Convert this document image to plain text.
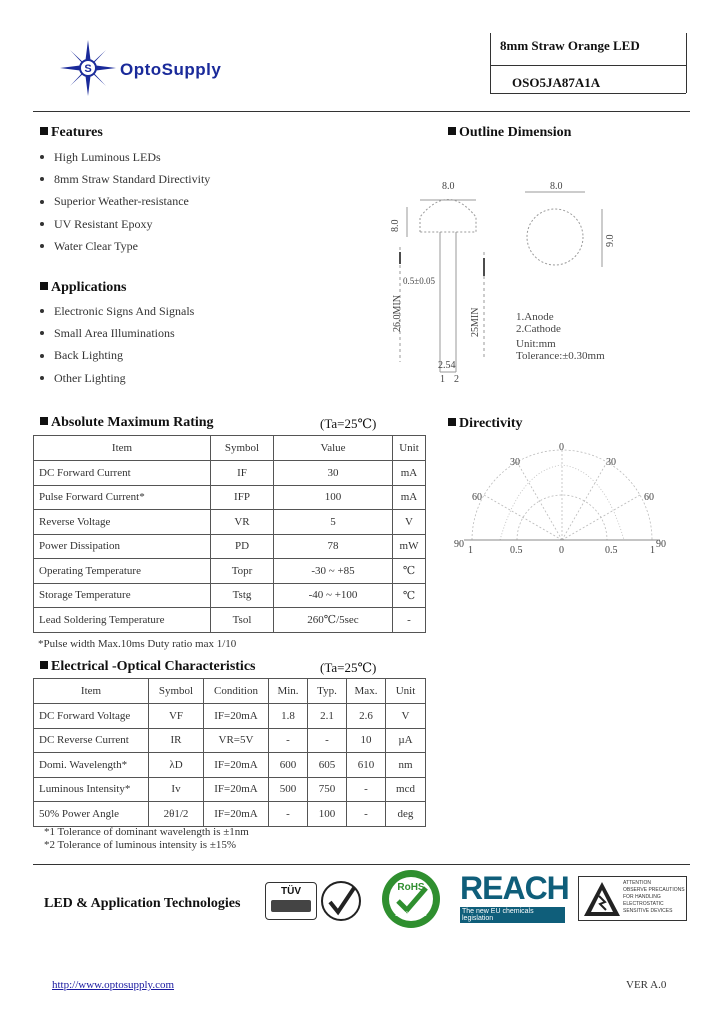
S OptoSupply
8mm Straw Orange LED
OSO5JA87A1A
Features
High Luminous LEDs
8mm Straw Standard Directivity
Superior Weather-resistance
UV Resistant Epoxy
Water Clear Type
Applications
Electronic Signs And Signals
Small Area Illuminations
Back Lighting
Other Lighting
Outline Dimension
8.0
8.0
8.0
9.0
0.5±0.05
26.0MIN	25MIN
2.54
1 2
1.Anode
2.Cathode
Unit:mm
Tolerance:±0.30mm
Absolute Maximum Rating	(Ta=25℃)
Item	Symbol	Value	Unit
DC Forward Current	IF	30	mA
Pulse Forward Current*	IFP	100	mA
Reverse Voltage	VR	5	V
Power Dissipation	PD	78	mW
Operating Temperature	Topr	-30 ~ +85	℃
Storage Temperature	Tstg	-40 ~ +100	℃
Lead Soldering Temperature	Tsol	260℃/5sec	-
*Pulse width Max.10ms Duty ratio max 1/10
Directivity
0
30	30
60	60
90	90
1	0.5	0	0.5	1
Electrical -Optical Characteristics	(Ta=25℃)
Item	Symbol	Condition	Min.	Typ.	Max.	Unit
DC Forward Voltage	VF	IF=20mA	1.8	2.1	2.6	V
DC Reverse Current	IR	VR=5V	-	-	10	µA
Domi. Wavelength*	λD	IF=20mA	600	605	610	nm
Luminous Intensity*	Iv	IF=20mA	500	750	-	mcd
50% Power Angle	2θ1/2	IF=20mA	-	100	-	deg
*1 Tolerance of dominant wavelength is ±1nm
*2 Tolerance of luminous intensity is ±15%
LED & Application Technologies
TÜV	RoHS
2002/95/EC
REACH
The new EU chemicals legislation
ATTENTION
OBSERVE PRECAUTIONS
FOR HANDLING
ELECTROSTATIC
SENSITIVE DEVICES
http://www.optosupply.com	VER A.0
